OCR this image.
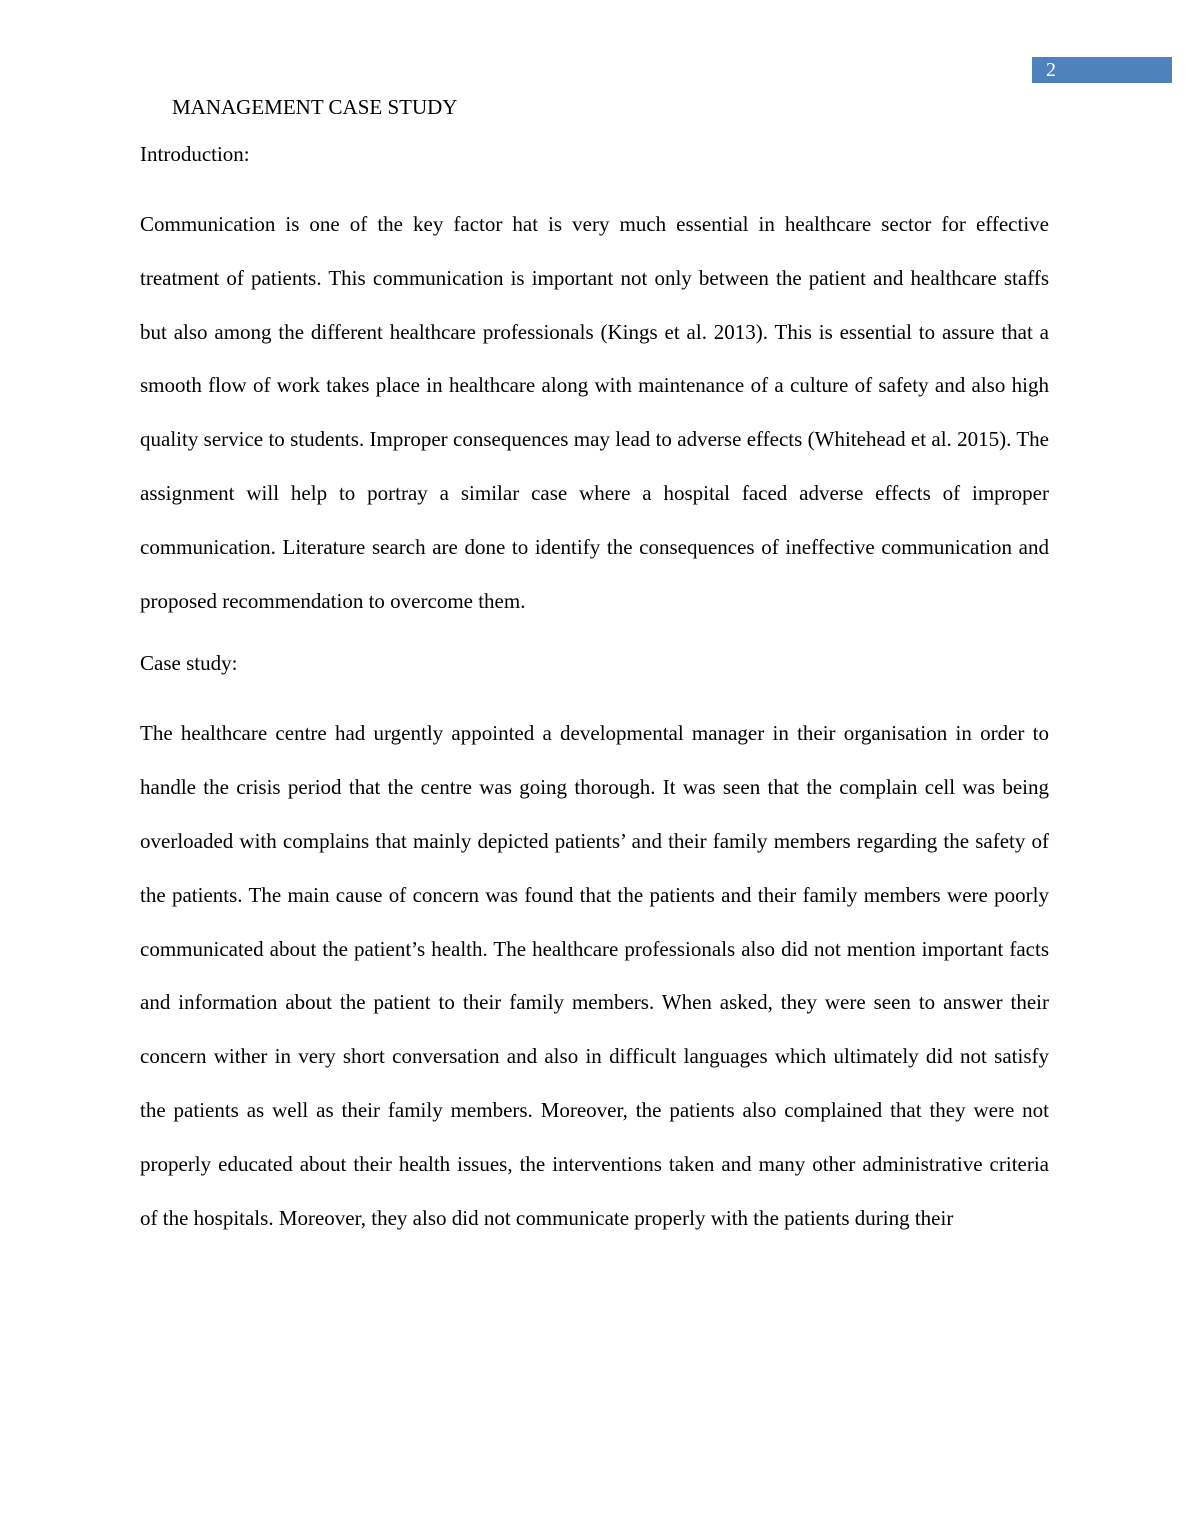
2
MANAGEMENT CASE STUDY

Introduction:

Communication is one of the key factor hat is very much essential in healthcare sector for effective treatment of patients. This communication is important not only between the patient and healthcare staffs but also among the different healthcare professionals (Kings et al. 2013). This is essential to assure that a smooth flow of work takes place in healthcare along with maintenance of a culture of safety and also high quality service to students. Improper consequences may lead to adverse effects (Whitehead et al. 2015). The assignment will help to portray a similar case where a hospital faced adverse effects of improper communication. Literature search are done to identify the consequences of ineffective communication and proposed recommendation to overcome them.

Case study:

The healthcare centre had urgently appointed a developmental manager in their organisation in order to handle the crisis period that the centre was going thorough. It was seen that the complain cell was being overloaded with complains that mainly depicted patients’ and their family members regarding the safety of the patients. The main cause of concern was found that the patients and their family members were poorly communicated about the patient’s health. The healthcare professionals also did not mention important facts and information about the patient to their family members. When asked, they were seen to answer their concern wither in very short conversation and also in difficult languages which ultimately did not satisfy the patients as well as their family members. Moreover, the patients also complained that they were not properly educated about their health issues, the interventions taken and many other administrative criteria of the hospitals. Moreover, they also did not communicate properly with the patients during their
